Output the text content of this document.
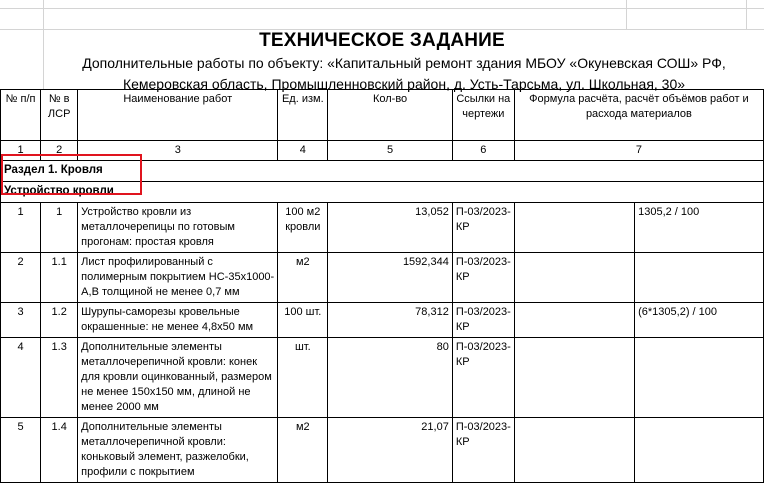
ТЕХНИЧЕСКОЕ ЗАДАНИЕ
Дополнительные работы по объекту: «Капитальный ремонт здания МБОУ «Окуневская СОШ» РФ,
Кемеровская область, Промышленновский район, д. Усть-Тарсьма, ул. Школьная, 30»
№ п/п	№ в ЛСР	Наименование работ	Ед. изм.	Кол-во	Ссылки на чертежи	Формула расчёта, расчёт объёмов работ и расхода материалов	
1	2	3	4	5	6	7	
Раздел 1. Кровля							
Устройство кровли							
1	1	Устройство кровли из металлочерепицы по готовым прогонам: простая кровля	100 м2 кровли	13,052	П-03/2023-КР		1305,2 / 100
2	1.1	Лист профилированный с полимерным покрытием НС-35х1000-А,В толщиной не менее 0,7 мм	м2	1592,344	П-03/2023-КР		
3	1.2	Шурупы-саморезы кровельные окрашенные: не менее 4,8х50 мм	100 шт.	78,312	П-03/2023-КР		(6*1305,2) / 100
4	1.3	Дополнительные элементы металлочерепичной кровли: конек для кровли оцинкованный, размером не менее 150х150 мм, длиной не менее 2000 мм	шт.	80	П-03/2023-КР		
5	1.4	Дополнительные элементы металлочерепичной кровли: коньковый элемент, разжелобки, профили с покрытием	м2	21,07	П-03/2023-КР		
